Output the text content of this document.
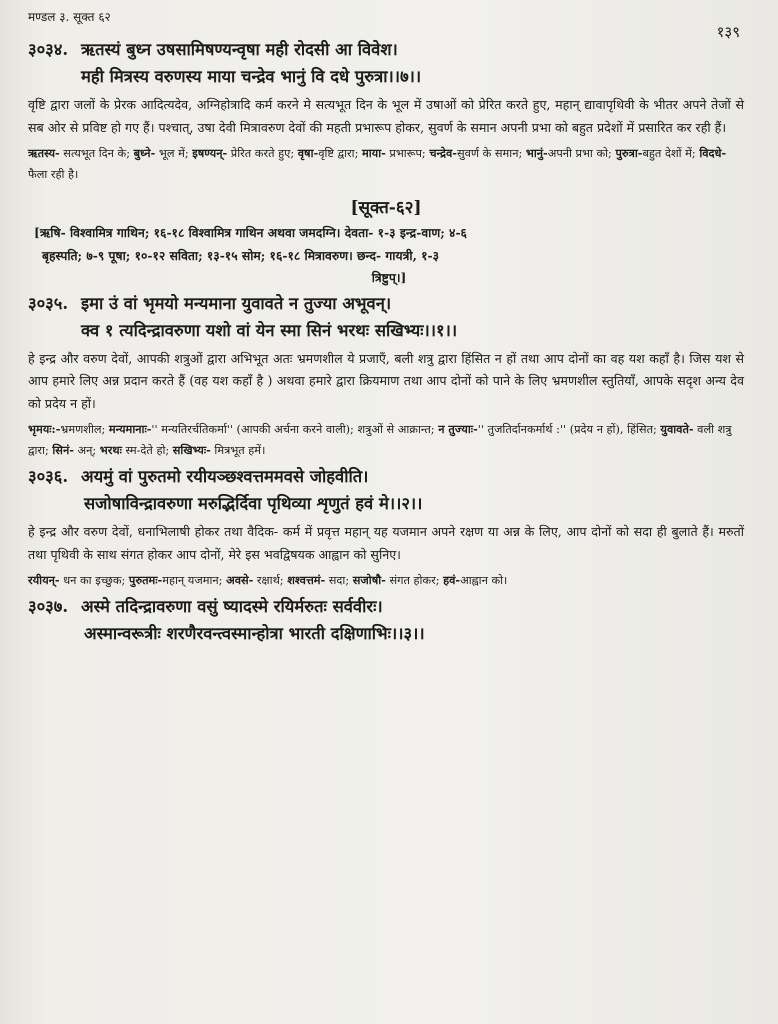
मण्डल ३. सूक्त ६२
१३९
३०३४. ऋतस्यं बुध्न उषसामिषण्यन्वृषा मही रोदसी आ विवेश।
मही मित्रस्य वरुणस्य माया चन्द्रेव भानुं वि दधे पुरुत्रा।।७।।

वृष्टि द्वारा जलों के प्रेरक आदित्यदेव, अग्निहोत्रादि कर्म करने मे सत्यभूत दिन के भूल में उषाओं को प्रेरित करते हुए, महान् द्यावापृथिवी के भीतर अपने तेजों से सब ओर से प्रविष्ट हो गए हैं। पश्चात्, उषा देवी मित्रावरुण देवों की महती प्रभारूप होकर, सुवर्ण के समान अपनी प्रभा को बहुत प्रदेशों में प्रसारित कर रही हैं।

ऋतस्य- सत्यभूत दिन के; बुध्ने- भूल में; इषण्यन्- प्रेरित करते हुए; वृषा-वृष्टि द्वारा; माया- प्रभारूप; चन्द्रेव-सुवर्ण के समान; भानुं-अपनी प्रभा को; पुरुत्रा-बहुत देशों में; विदधे- फैला रही है।

[सूक्त-६२]
[ऋषि- विश्वामित्र गाथिन; १६-१८ विश्वामित्र गाथिन अथवा जमदग्नि। देवता- १-३ इन्द्र-वाण; ४-६
बृहस्पति; ७-९ पूषा; १०-१२ सविता; १३-१५ सोम; १६-१८ मित्रावरुण। छन्द- गायत्री, १-३
त्रिष्टुप्।]
३०३५. इमा उं वां भृमयो मन्यमाना युवावते न तुज्या अभूवन्।
क्व १ त्यदिन्द्रावरुणा यशो वां येन स्मा सिनं भरथः सखिभ्यः।।१।।

हे इन्द्र और वरुण देवों, आपकी शत्रुओं द्वारा अभिभूत अतः भ्रमणशील ये प्रजाएँ, बली शत्रु द्वारा हिंसित न हों तथा आप दोनों का वह यश कहाँ है। जिस यश से आप हमारे लिए अन्न प्रदान करते हैं (वह यश कहाँ है ) अथवा हमारे द्वारा क्रियमाण तथा आप दोनों को पाने के लिए भ्रमणशील स्तुतियाँ, आपके सदृश अन्य देव को प्रदेय न हों।

भृमयः:-भ्रमणशील; मन्यमानाः-'' मन्यतिरर्चतिकर्मा'' (आपकी अर्चना करने वाली); शत्रुओं से आक्रान्त; न तुज्याः-'' तुजतिर्दानकर्मार्थ :'' (प्रदेय न हों), हिंसित; युवावते- वली शत्रु द्वारा; सिनं- अन्; भरथः स्म-देते हो; सखिभ्यः- मित्रभूत हमें।

३०३६. अयमुं वां पुरुतमो रयीयञ्छश्वत्तममवसे जोहवीति।
सजोषाविन्द्रावरुणा मरुद्भिर्दिवा पृथिव्या शृणुतं हवं मे।।२।।

हे इन्द्र और वरुण देवों, धनाभिलाषी होकर तथा वैदिक- कर्म में प्रवृत्त महान् यह यजमान अपने रक्षण या अन्न के लिए, आप दोनों को सदा ही बुलाते हैं। मरुतों तथा पृथिवी के साथ संगत होकर आप दोनों, मेरे इस भवद्विषयक आह्वान को सुनिए।

रयीयन्- धन का इच्छुक; पुरुतमः-महान् यजमान; अवसे- रक्षार्थ; शश्वत्तमं- सदा; सजोषौ- संगत होकर; हवं-आह्वान को।

३०३७. अस्मे तदिन्द्रावरुणा वसुं ष्यादस्मे रयिर्मरुतः सर्ववीरः।
अस्मान्वरूत्रीः शरणैरवन्त्वस्मान्होत्रा भारती दक्षिणाभिः।।३।।
